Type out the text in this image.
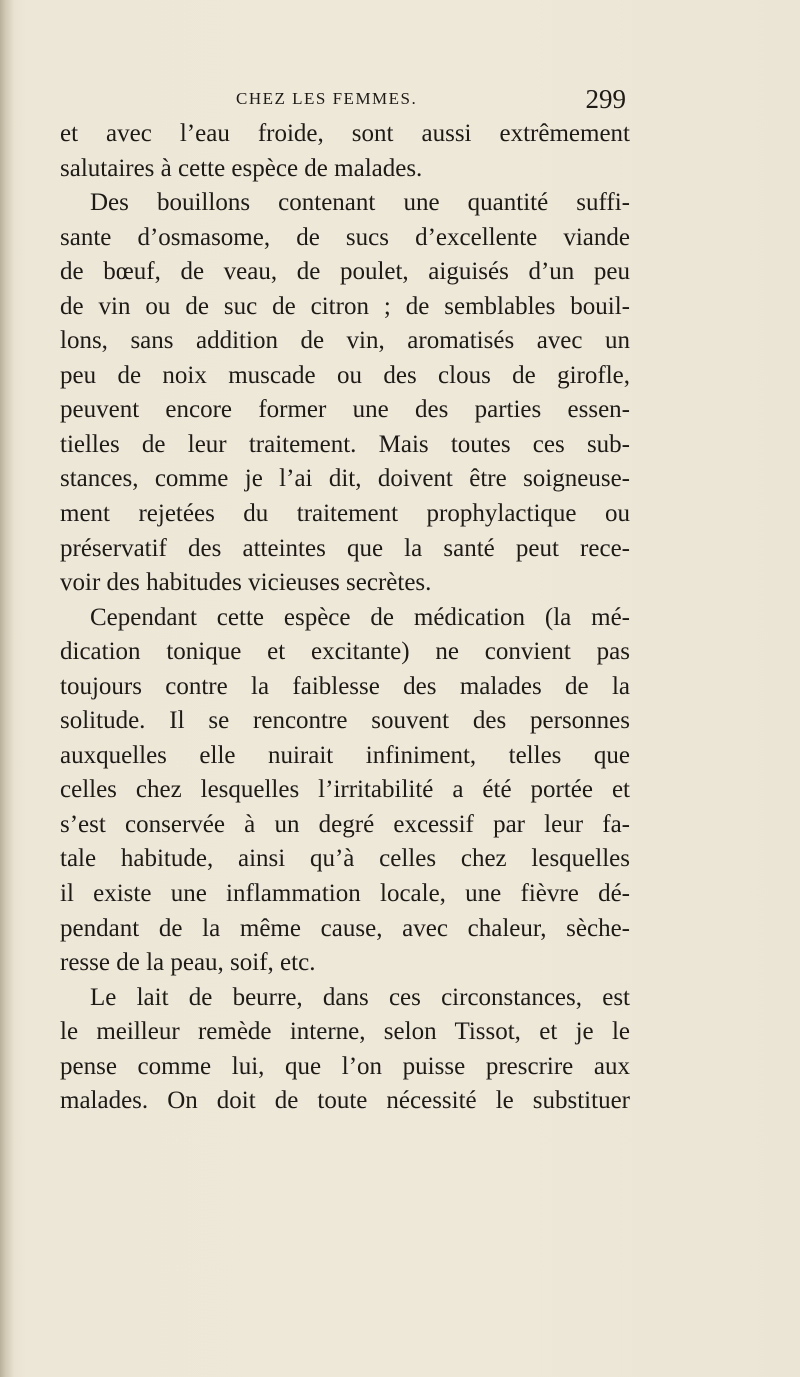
CHEZ LES FEMMES.	299
et avec l’eau froide, sont aussi extrêmement
salutaires à cette espèce de malades.
Des bouillons contenant une quantité suffi-
sante d’osmasome, de sucs d’excellente viande
de bœuf, de veau, de poulet, aiguisés d’un peu
de vin ou de suc de citron ; de semblables bouil-
lons, sans addition de vin, aromatisés avec un
peu de noix muscade ou des clous de girofle,
peuvent encore former une des parties essen-
tielles de leur traitement. Mais toutes ces sub-
stances, comme je l’ai dit, doivent être soigneuse-
ment rejetées du traitement prophylactique ou
préservatif des atteintes que la santé peut rece-
voir des habitudes vicieuses secrètes.
Cependant cette espèce de médication (la mé-
dication tonique et excitante) ne convient pas
toujours contre la faiblesse des malades de la
solitude. Il se rencontre souvent des personnes
auxquelles elle nuirait infiniment, telles que
celles chez lesquelles l’irritabilité a été portée et
s’est conservée à un degré excessif par leur fa-
tale habitude, ainsi qu’à celles chez lesquelles
il existe une inflammation locale, une fièvre dé-
pendant de la même cause, avec chaleur, sèche-
resse de la peau, soif, etc.
Le lait de beurre, dans ces circonstances, est
le meilleur remède interne, selon Tissot, et je le
pense comme lui, que l’on puisse prescrire aux
malades. On doit de toute nécessité le substituer
